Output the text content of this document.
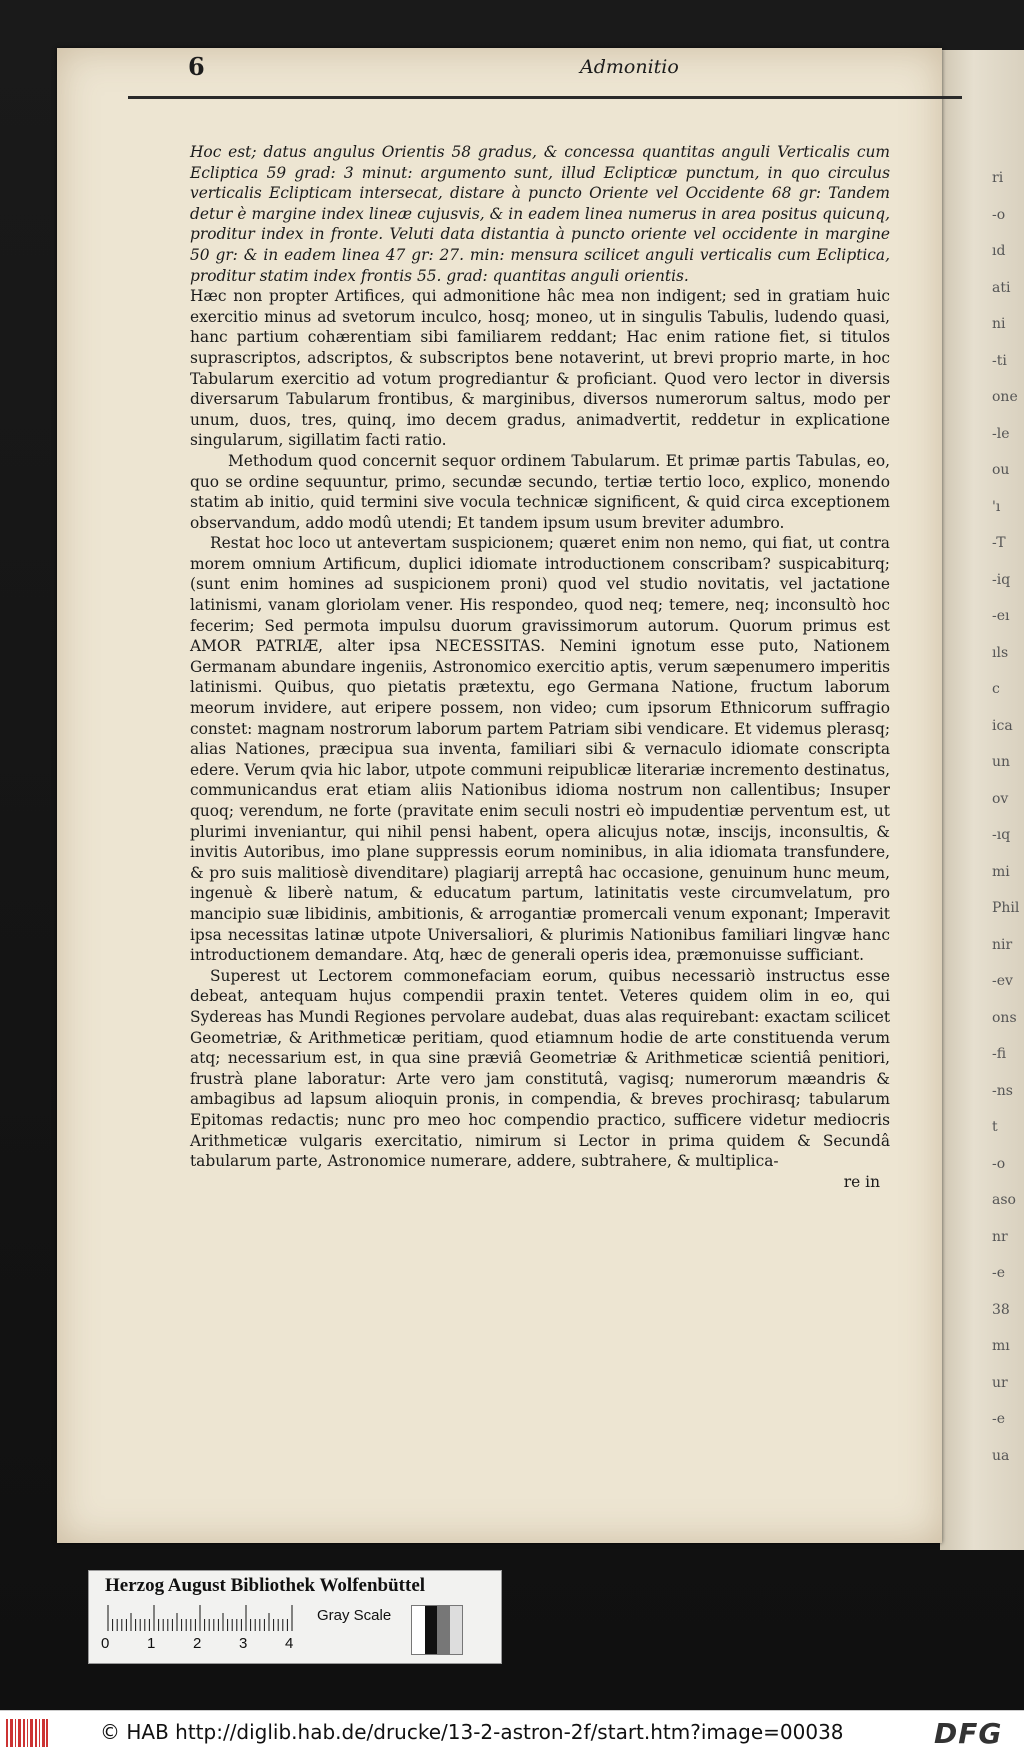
ri
-o
ıd
ati
ni
-ti
one
-le
ou
'ı
-T
-iq
-eı
ıls
c
ica
un
ov
-ıq
mi
Phil
nir
-ev
ons
-fi
-ns
t
-o
aso
nr
-e
38
mı
ur
-e
ua
6	Admonitio

Hoc est; datus angulus Orientis 58 gradus, & concessa quantitas anguli Verticalis cum Ecliptica 59 grad: 3 minut: argumento sunt, illud Eclipticæ punctum, in quo circulus verticalis Eclipticam intersecat, distare à puncto Oriente vel Occidente 68 gr: Tandem detur è margine index lineæ cujusvis, & in eadem linea numerus in area positus quicunq, proditur index in fronte. Veluti data distantia à puncto oriente vel occidente in margine 50 gr: & in eadem linea 47 gr: 27. min: mensura scilicet anguli verticalis cum Ecliptica, proditur statim index frontis 55. grad: quantitas anguli orientis.

Hæc non propter Artifices, qui admonitione hâc mea non indigent; sed in gratiam huic exercitio minus ad svetorum inculco, hosq; moneo, ut in singulis Tabulis, ludendo quasi, hanc partium cohærentiam sibi familiarem reddant; Hac enim ratione fiet, si titulos suprascriptos, adscriptos, & subscriptos bene notaverint, ut brevi proprio marte, in hoc Tabularum exercitio ad votum progrediantur & proficiant. Quod vero lector in diversis diversarum Tabularum frontibus, & marginibus, diversos numerorum saltus, modo per unum, duos, tres, quinq, imo decem gradus, animadvertit, reddetur in explicatione singularum, sigillatim facti ratio.

Methodum quod concernit sequor ordinem Tabularum. Et primæ partis Tabulas, eo, quo se ordine sequuntur, primo, secundæ secundo, tertiæ tertio loco, explico, monendo statim ab initio, quid termini sive vocula technicæ significent, & quid circa exceptionem observandum, addo modû utendi; Et tandem ipsum usum breviter adumbro.

Restat hoc loco ut antevertam suspicionem; quæret enim non nemo, qui fiat, ut contra morem omnium Artificum, duplici idiomate introductionem conscribam? suspicabiturq; (sunt enim homines ad suspicionem proni) quod vel studio novitatis, vel jactatione latinismi, vanam gloriolam vener. His respondeo, quod neq; temere, neq; inconsultò hoc fecerim; Sed permota impulsu duorum gravissimorum autorum. Quorum primus est AMOR PATRIÆ, alter ipsa NECESSITAS. Nemini ignotum esse puto, Nationem Germanam abundare ingeniis, Astronomico exercitio aptis, verum sæpenumero imperitis latinismi. Quibus, quo pietatis prætextu, ego Germana Natione, fructum laborum meorum invidere, aut eripere possem, non video; cum ipsorum Ethnicorum suffragio constet: magnam nostrorum laborum partem Patriam sibi vendicare. Et videmus plerasq; alias Nationes, præcipua sua inventa, familiari sibi & vernaculo idiomate conscripta edere. Verum qvia hic labor, utpote communi reipublicæ literariæ incremento destinatus, communicandus erat etiam aliis Nationibus idioma nostrum non callentibus; Insuper quoq; verendum, ne forte (pravitate enim seculi nostri eò impudentiæ perventum est, ut plurimi inveniantur, qui nihil pensi habent, opera alicujus notæ, inscijs, inconsultis, & invitis Autoribus, imo plane suppressis eorum nominibus, in alia idiomata transfundere, & pro suis malitiosè divenditare) plagiarij arreptâ hac occasione, genuinum hunc meum, ingenuè & liberè natum, & educatum partum, latinitatis veste circumvelatum, pro mancipio suæ libidinis, ambitionis, & arrogantiæ promercali venum exponant; Imperavit ipsa necessitas latinæ utpote Universaliori, & plurimis Nationibus familiari lingvæ hanc introductionem demandare. Atq, hæc de generali operis idea, præmonuisse sufficiant.

Superest ut Lectorem commonefaciam eorum, quibus necessariò instructus esse debeat, antequam hujus compendii praxin tentet. Veteres quidem olim in eo, qui Sydereas has Mundi Regiones pervolare audebat, duas alas requirebant: exactam scilicet Geometriæ, & Arithmeticæ peritiam, quod etiamnum hodie de arte constituenda verum atq; necessarium est, in qua sine præviâ Geometriæ & Arithmeticæ scientiâ penitiori, frustrà plane laboratur: Arte vero jam constitutâ, vagisq; numerorum mæandris & ambagibus ad lapsum alioquin pronis, in compendia, & breves prochirasq; tabularum Epitomas redactis; nunc pro meo hoc compendio practico, sufficere videtur mediocris Arithmeticæ vulgaris exercitatio, nimirum si Lector in prima quidem & Secundâ tabularum parte, Astronomice numerare, addere, subtrahere, & multiplica-

re in

Herzog August Bibliothek Wolfenbüttel
Gray Scale
0	1	2	3	4
© HAB http://diglib.hab.de/drucke/13-2-astron-2f/start.htm?image=00038	DFG
